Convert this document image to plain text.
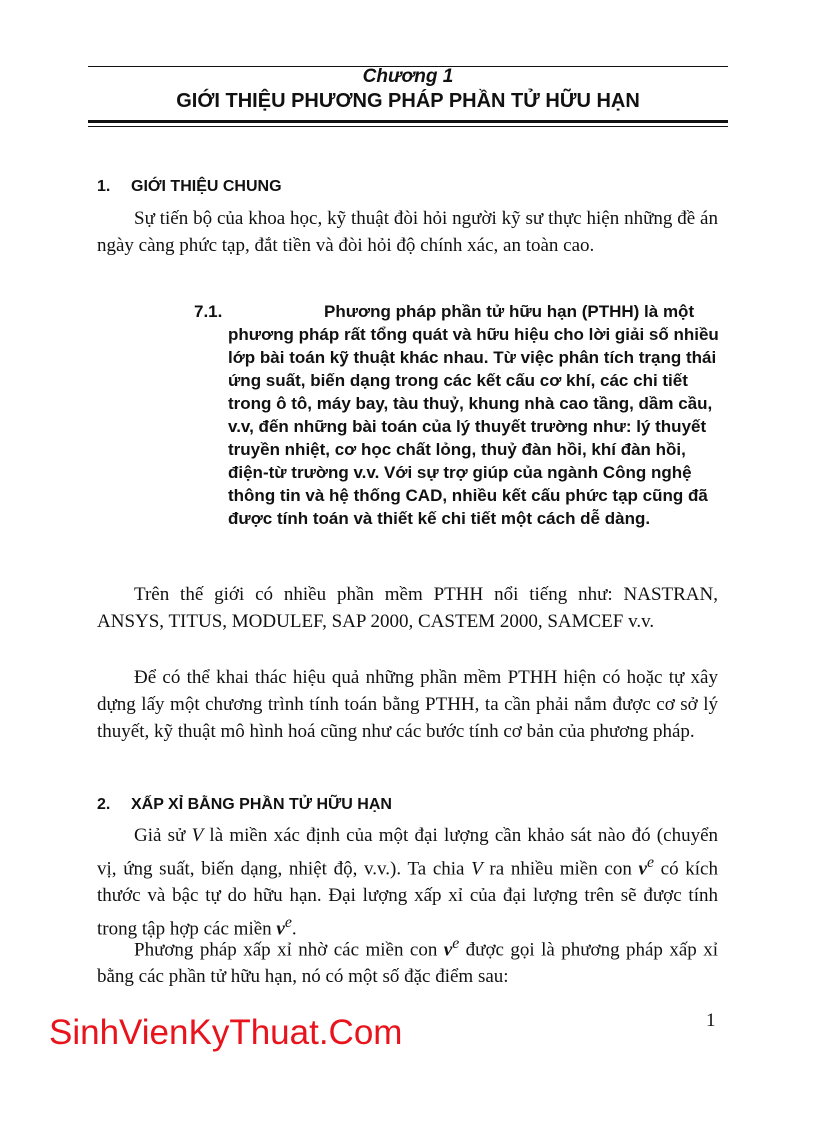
Chương 1
GIỚI THIỆU PHƯƠNG PHÁP PHẦN TỬ HỮU HẠN
1. GIỚI THIỆU CHUNG

Sự tiến bộ của khoa học, kỹ thuật đòi hỏi người kỹ sư thực hiện những đề án ngày càng phức tạp, đắt tiền và đòi hỏi độ chính xác, an toàn cao.

7.1.	Phương pháp phần tử hữu hạn (PTHH) là một phương pháp rất tổng quát và hữu hiệu cho lời giải số nhiều lớp bài toán kỹ thuật khác nhau. Từ việc phân tích trạng thái ứng suất, biến dạng trong các kết cấu cơ khí, các chi tiết trong ô tô, máy bay, tàu thuỷ, khung nhà cao tầng, dầm cầu, v.v, đến những bài toán của lý thuyết trường như: lý thuyết truyền nhiệt, cơ học chất lỏng, thuỷ đàn hồi, khí đàn hồi, điện-từ trường v.v. Với sự trợ giúp của ngành Công nghệ thông tin và hệ thống CAD, nhiều kết cấu phức tạp cũng đã được tính toán và thiết kế chi tiết một cách dễ dàng.

Trên thế giới có nhiều phần mềm PTHH nổi tiếng như: NASTRAN, ANSYS, TITUS, MODULEF, SAP 2000, CASTEM 2000, SAMCEF v.v.

Để có thể khai thác hiệu quả những phần mềm PTHH hiện có hoặc tự xây dựng lấy một chương trình tính toán bằng PTHH, ta cần phải nắm được cơ sở lý thuyết, kỹ thuật mô hình hoá cũng như các bước tính cơ bản của phương pháp.

2. XẤP XỈ BẰNG PHẦN TỬ HỮU HẠN

Giả sử V là miền xác định của một đại lượng cần khảo sát nào đó (chuyển vị, ứng suất, biến dạng, nhiệt độ, v.v.). Ta chia V ra nhiều miền con $v^e$ có kích thước và bậc tự do hữu hạn. Đại lượng xấp xỉ của đại lượng trên sẽ được tính trong tập hợp các miền $v^e$.

Phương pháp xấp xỉ nhờ các miền con $v^e$ được gọi là phương pháp xấp xỉ bằng các phần tử hữu hạn, nó có một số đặc điểm sau:

1
SinhVienKyThuat.Com
